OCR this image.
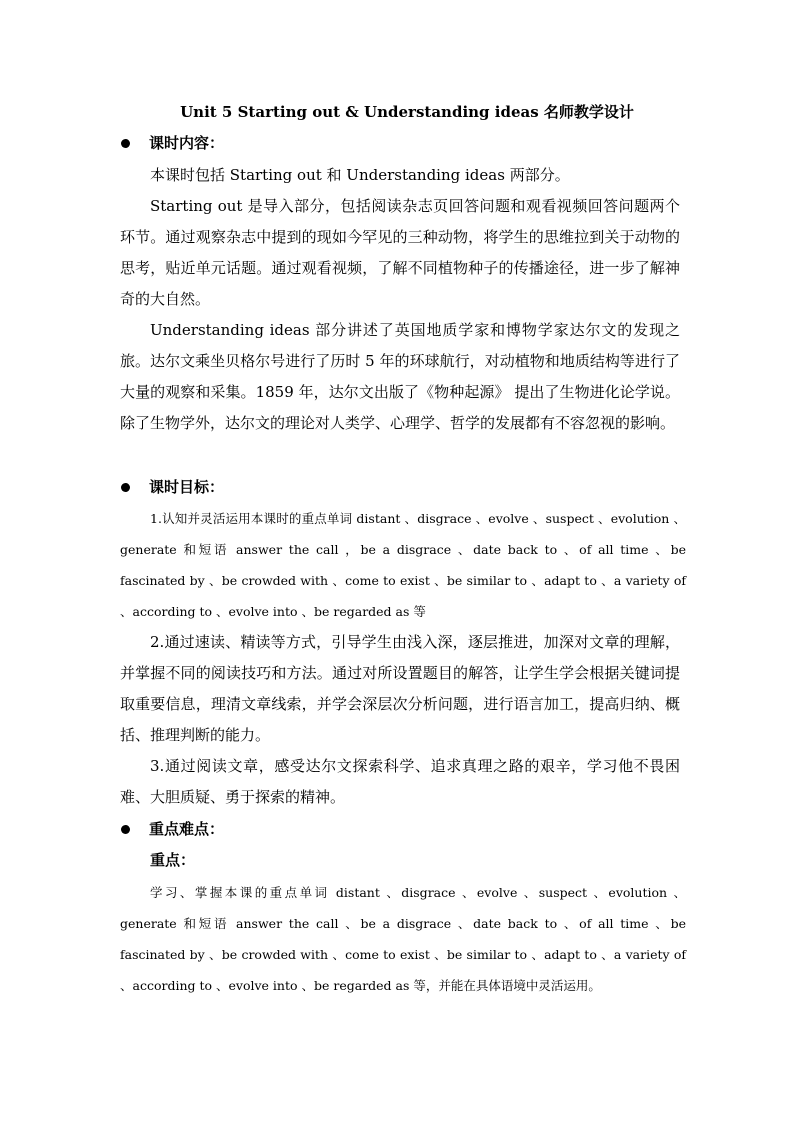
Unit 5 Starting out & Understanding ideas 名师教学设计
课时内容：

本课时包括 Starting out 和 Understanding ideas 两部分。

Starting out 是导入部分，包括阅读杂志页回答问题和观看视频回答问题两个环节。通过观察杂志中提到的现如今罕见的三种动物，将学生的思维拉到关于动物的思考，贴近单元话题。通过观看视频，了解不同植物种子的传播途径，进一步了解神奇的大自然。

Understanding ideas 部分讲述了英国地质学家和博物学家达尔文的发现之旅。达尔文乘坐贝格尔号进行了历时 5 年的环球航行，对动植物和地质结构等进行了大量的观察和采集。1859 年，达尔文出版了《物种起源》 提出了生物进化论学说。除了生物学外，达尔文的理论对人类学、心理学、哲学的发展都有不容忽视的影响。

课时目标：

1.认知并灵活运用本课时的重点单词 distant 、disgrace 、evolve 、suspect 、evolution 、generate 和短语 answer the call ，be a disgrace 、date back to 、of all time 、be fascinated by 、be crowded with 、come to exist 、be similar to 、adapt to 、a variety of 、according to 、evolve into 、be regarded as 等

2.通过速读、精读等方式，引导学生由浅入深，逐层推进，加深对文章的理解，并掌握不同的阅读技巧和方法。通过对所设置题目的解答，让学生学会根据关键词提取重要信息，理清文章线索，并学会深层次分析问题，进行语言加工，提高归纳、概括、推理判断的能力。

3.通过阅读文章，感受达尔文探索科学、追求真理之路的艰辛，学习他不畏困难、大胆质疑、勇于探索的精神。

重点难点：
重点：

学习、掌握本课的重点单词 distant 、disgrace 、evolve 、suspect 、evolution 、generate 和短语 answer the call 、be a disgrace 、date back to 、of all time 、be fascinated by 、be crowded with 、come to exist 、be similar to 、adapt to 、a variety of 、according to 、evolve into 、be regarded as 等，并能在具体语境中灵活运用。
